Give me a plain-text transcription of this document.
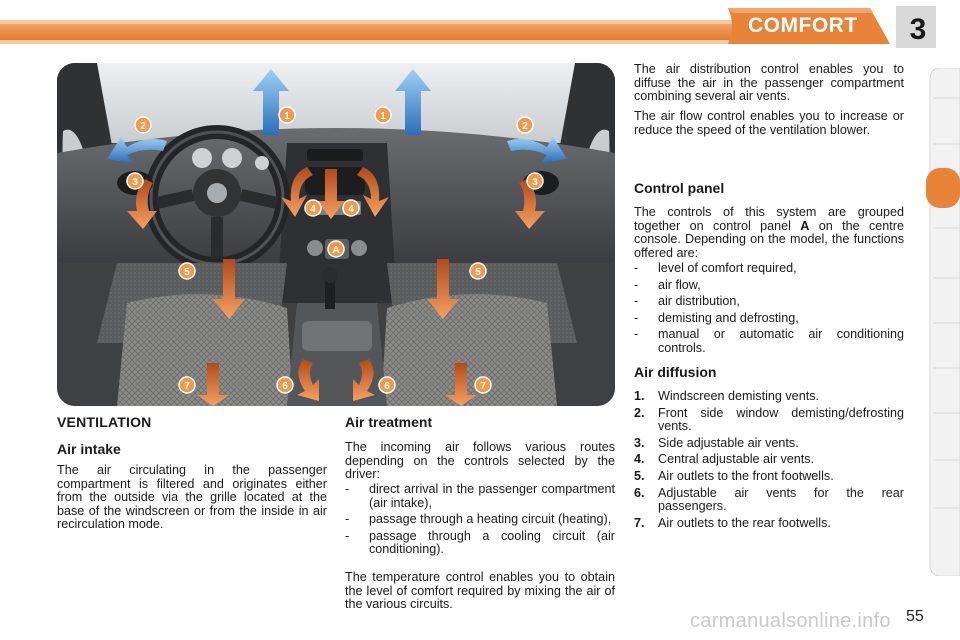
COMFORT	3
1	1
2	2
3	3
4	4
A
5	5
6	6
7	7
VENTILATION
Air intake
The air circulating in the passenger compartment is filtered and originates either from the outside via the grille located at the base of the windscreen or from the inside in air recirculation mode.
Air treatment
The incoming air follows various routes depending on the controls selected by the driver:
- direct arrival in the passenger compartment (air intake),
- passage through a heating circuit (heating),
- passage through a cooling circuit (air conditioning).
The temperature control enables you to obtain the level of comfort required by mixing the air of the various circuits.
The air distribution control enables you to diffuse the air in the passenger compartment combining several air vents.
The air flow control enables you to increase or reduce the speed of the ventilation blower.
Control panel
The controls of this system are grouped together on control panel A on the centre console. Depending on the model, the functions offered are:
- level of comfort required,
- air flow,
- air distribution,
- demisting and defrosting,
- manual or automatic air conditioning controls.
Air diffusion
1. Windscreen demisting vents.
2. Front side window demisting/defrosting vents.
3. Side adjustable air vents.
4. Central adjustable air vents.
5. Air outlets to the front footwells.
6. Adjustable air vents for the rear passengers.
7. Air outlets to the rear footwells.
carmanualsonline.info 55
